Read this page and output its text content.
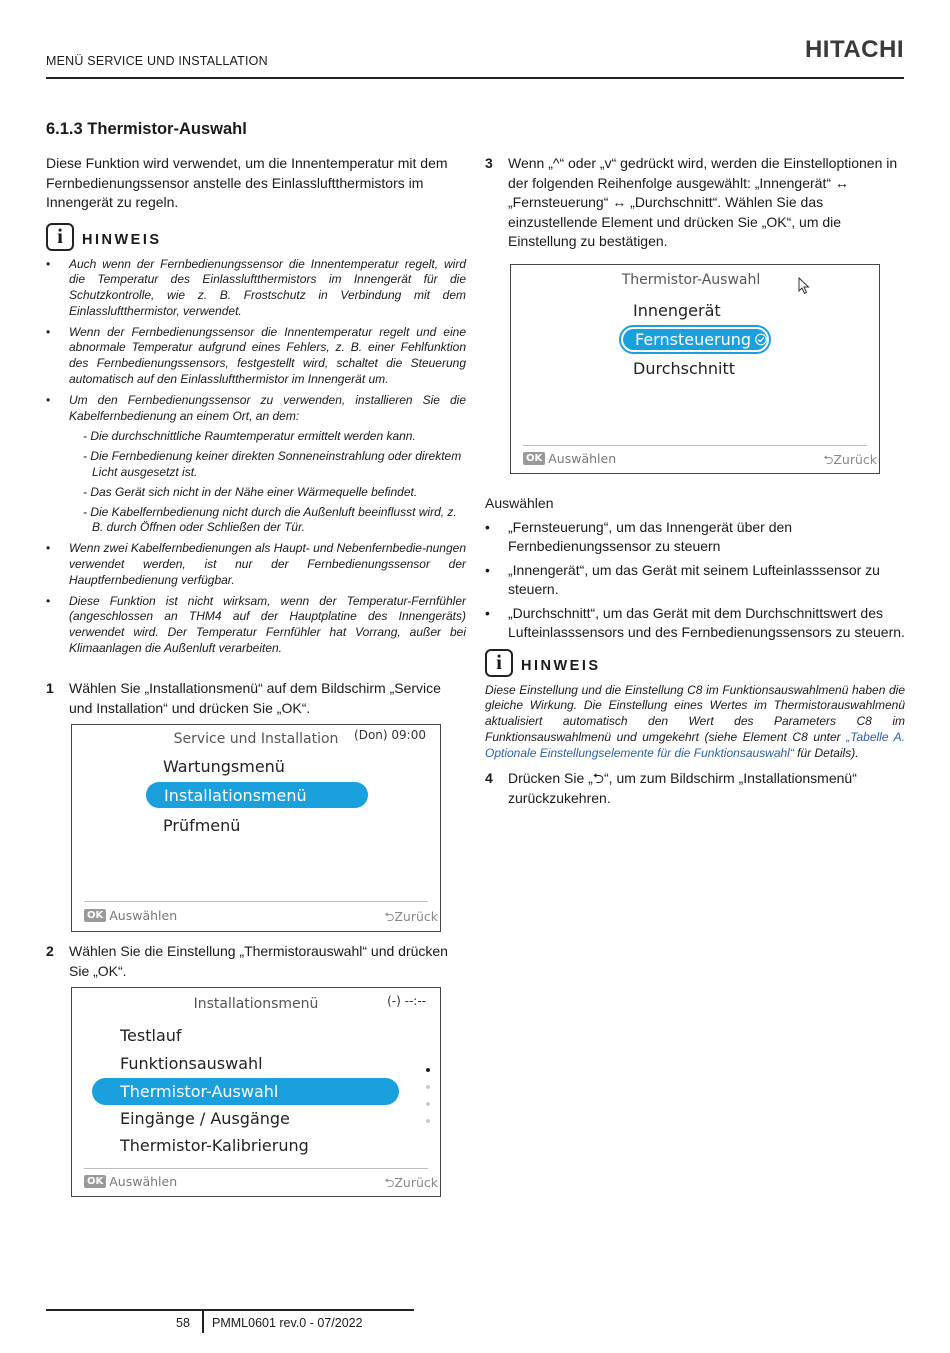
MENÜ SERVICE UND INSTALLATION	HITACHI
6.1.3 Thermistor-Auswahl

Diese Funktion wird verwendet, um die Innentemperatur mit dem Fernbedienungssensor anstelle des Einlassluftthermistors im Innengerät zu regeln.

i	HINWEIS
• Auch wenn der Fernbedienungssensor die Innentemperatur regelt, wird die Temperatur des Einlassluftthermistors im Innengerät für die Schutzkontrolle, wie z. B. Frostschutz in Verbindung mit dem Einlassluftthermistor, verwendet.
• Wenn der Fernbedienungssensor die Innentemperatur regelt und eine abnormale Temperatur aufgrund eines Fehlers, z. B. einer Fehlfunktion des Fernbedienungssensors, festgestellt wird, schaltet die Steuerung automatisch auf den Einlassluftthermistor im Innengerät um.
• Um den Fernbedienungssensor zu verwenden, installieren Sie die Kabelfernbedienung an einem Ort, an dem:
- Die durchschnittliche Raumtemperatur ermittelt werden kann.
- Die Fernbedienung keiner direkten Sonneneinstrahlung oder direktem Licht ausgesetzt ist.
- Das Gerät sich nicht in der Nähe einer Wärmequelle befindet.
- Die Kabelfernbedienung nicht durch die Außenluft beeinflusst wird, z. B. durch Öffnen oder Schließen der Tür.
• Wenn zwei Kabelfernbedienungen als Haupt- und Nebenfernbedie-nungen verwendet werden, ist nur der Fernbedienungssensor der Hauptfernbedienung verfügbar.
• Diese Funktion ist nicht wirksam, wenn der Temperatur-Fernfühler (angeschlossen an THM4 auf der Hauptplatine des Innengeräts) verwendet wird. Der Temperatur Fernfühler hat Vorrang, außer bei Klimaanlagen die Außenluft verarbeiten.
1 Wählen Sie „Installationsmenü“ auf dem Bildschirm „Service und Installation“ und drücken Sie „OK“.
Service und Installation	(Don) 09:00
Wartungsmenü
Installationsmenü
Prüfmenü
OK Auswählen	⮌Zurück
2 Wählen Sie die Einstellung „Thermistorauswahl“ und drücken Sie „OK“.
Installationsmenü	(-) --:--
Testlauf
Funktionsauswahl
Thermistor-Auswahl
Eingänge / Ausgänge
Thermistor-Kalibrierung
OK Auswählen	⮌Zurück
3 Wenn „^“ oder „v“ gedrückt wird, werden die Einstelloptionen in der folgenden Reihenfolge ausgewählt: „Innengerät“ ↔ „Fernsteuerung“ ↔ „Durchschnitt“. Wählen Sie das einzustellende Element und drücken Sie „OK“, um die Einstellung zu bestätigen.
Thermistor-Auswahl
Innengerät
Fernsteuerung
Durchschnitt
OK Auswählen	⮌Zurück

Auswählen

• „Fernsteuerung“, um das Innengerät über den Fernbedienungssensor zu steuern
• „Innengerät“, um das Gerät mit seinem Lufteinlasssensor zu steuern.
• „Durchschnitt“, um das Gerät mit dem Durchschnittswert des Lufteinlasssensors und des Fernbedienungssensors zu steuern.
i	HINWEIS

Diese Einstellung und die Einstellung C8 im Funktionsauswahlmenü haben die gleiche Wirkung. Die Einstellung eines Wertes im Thermistorauswahlmenü aktualisiert automatisch den Wert des Parameters C8 im Funktionsauswahlmenü und umgekehrt (siehe Element C8 unter „Tabelle A. Optionale Einstellungselemente für die Funktionsauswahl“ für Details).

4 Drücken Sie „⮌“, um zum Bildschirm „Installationsmenü“ zurückzukehren.
58 PMML0601 rev.0 - 07/2022
